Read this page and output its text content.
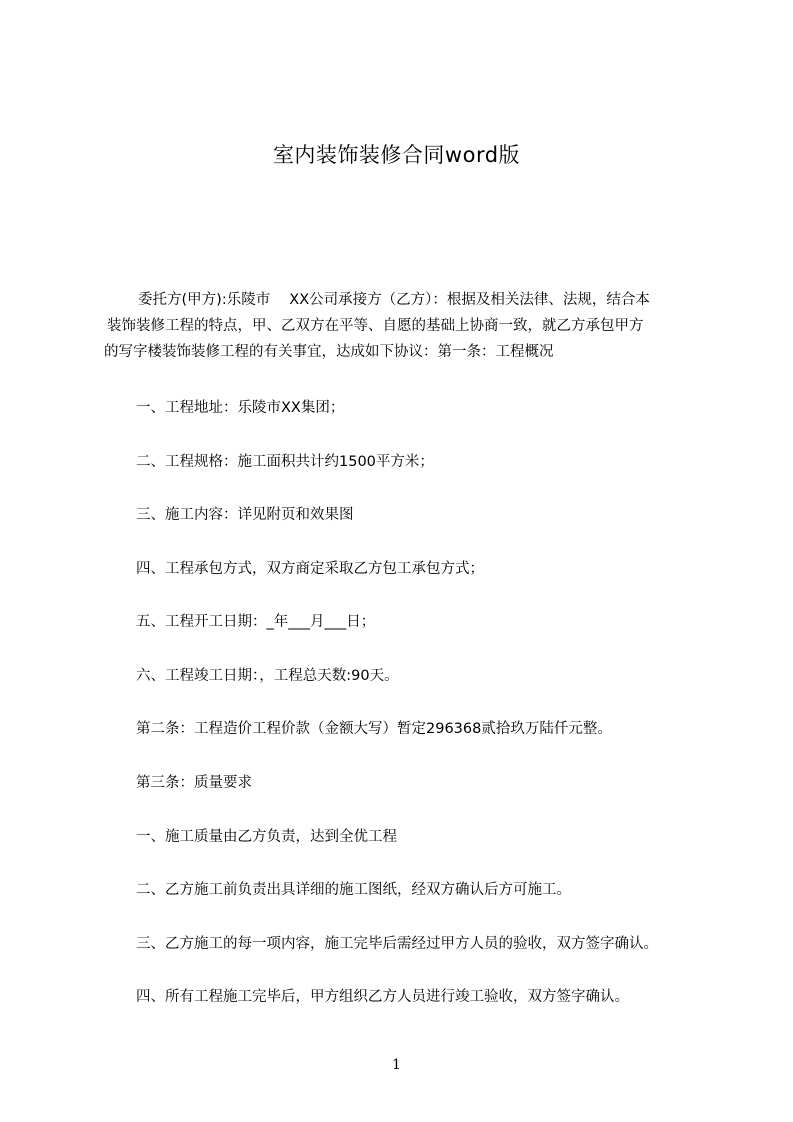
室内装饰装修合同word版

委托方(甲方):乐陵市　 XX公司承接方（乙方）：根据及相关法律、法规，结合本
装饰装修工程的特点，甲、乙双方在平等、自愿的基础上协商一致，就乙方承包甲方
的写字楼装饰装修工程的有关事宜，达成如下协议：第一条：工程概况

一、工程地址：乐陵市XX集团；

二、工程规格：施工面积共计约1500平方米；

三、施工内容：详见附页和效果图

四、工程承包方式，双方商定采取乙方包工承包方式；

五、工程开工日期：_年___月___日；

六、工程竣工日期：，工程总天数:90天。

第二条：工程造价工程价款（金额大写）暂定296368贰拾玖万陆仟元整。

第三条：质量要求

一、施工质量由乙方负责，达到全优工程

二、乙方施工前负责出具详细的施工图纸，经双方确认后方可施工。

三、乙方施工的每一项内容，施工完毕后需经过甲方人员的验收，双方签字确认。

四、所有工程施工完毕后，甲方组织乙方人员进行竣工验收，双方签字确认。

1
